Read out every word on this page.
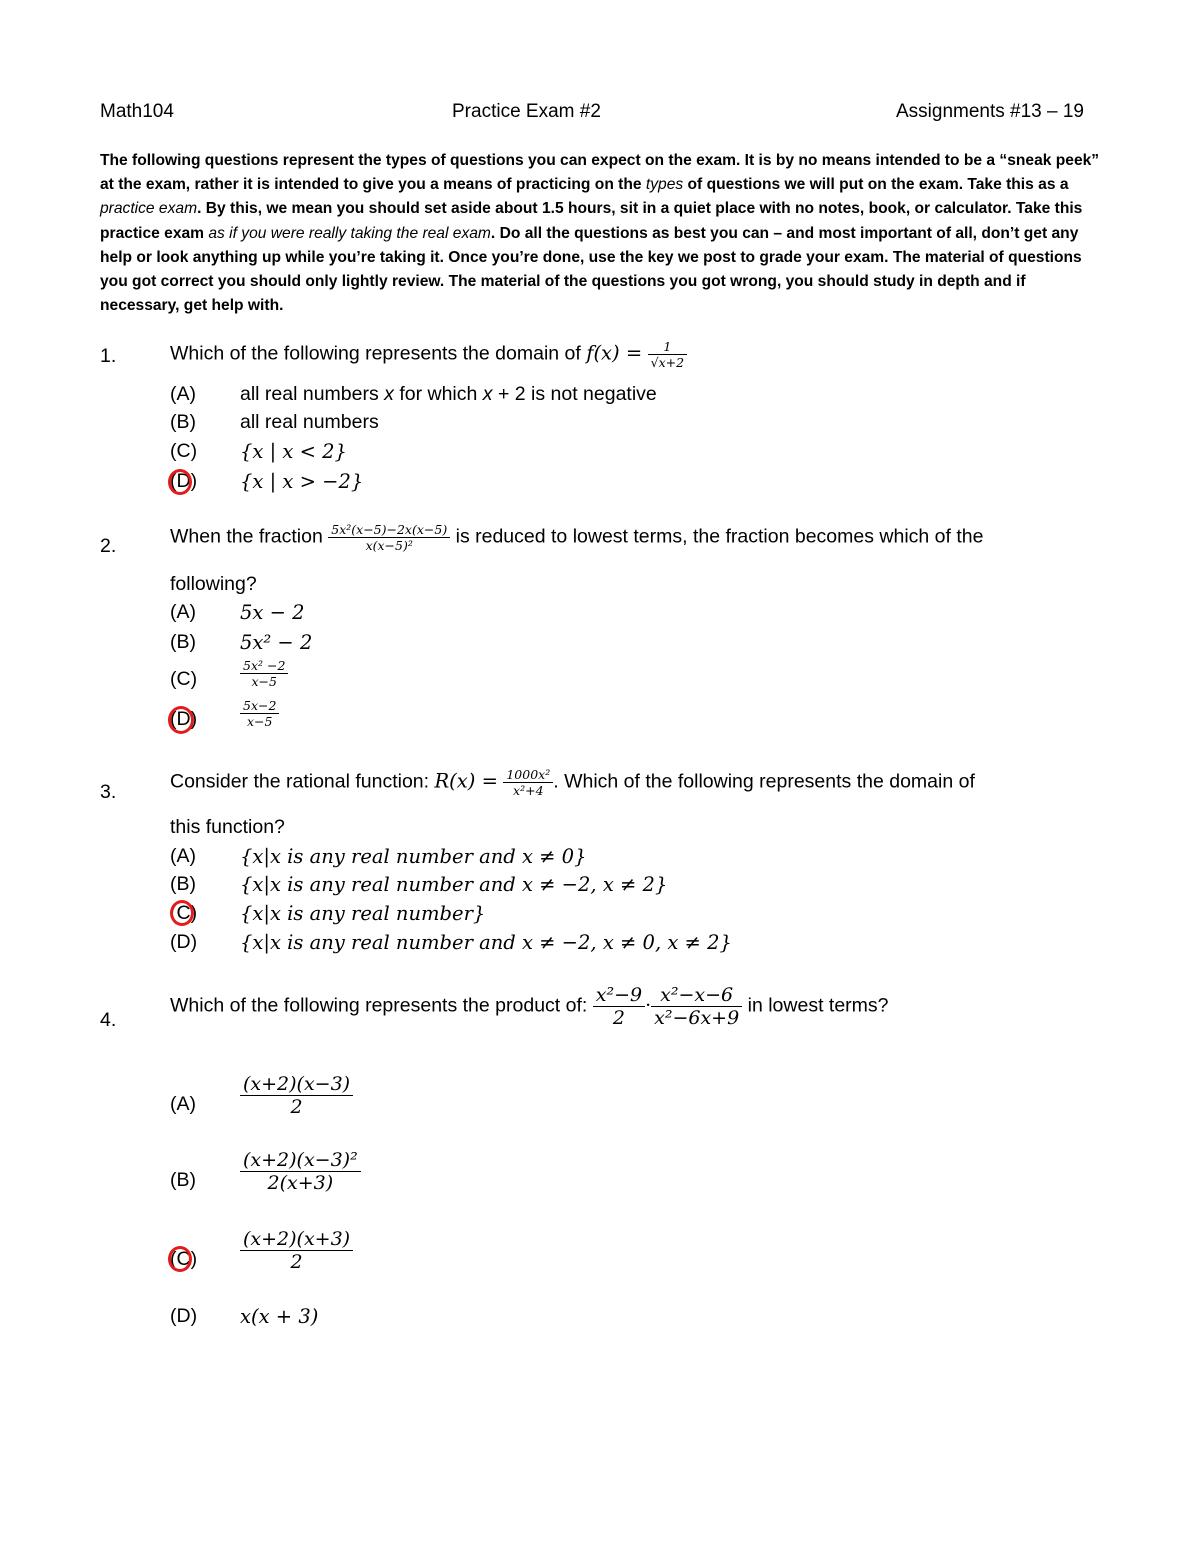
Math104	Practice Exam #2	Assignments #13 – 19
The following questions represent the types of questions you can expect on the exam. It is by no means intended to be a “sneak peek” at the exam, rather it is intended to give you a means of practicing on the types of questions we will put on the exam. Take this as a practice exam. By this, we mean you should set aside about 1.5 hours, sit in a quiet place with no notes, book, or calculator. Take this practice exam as if you were really taking the real exam. Do all the questions as best you can – and most important of all, don’t get any help or look anything up while you’re taking it. Once you’re done, use the key we post to grade your exam. The material of questions you got correct you should only lightly review. The material of the questions you got wrong, you should study in depth and if necessary, get help with.
1.	Which of the following represents the domain of $f(x) = \frac{1}{√x+2}$
(A)	all real numbers x for which x + 2 is not negative
(B)	all real numbers
(C)	{x | x < 2}
(D)	{x | x > −2}
2.	When the fraction $\frac{\text{5x²(x−5)−2x(x−5)}}{\text{x(x−5)²}}$ is reduced to lowest terms, the fraction becomes which of the
following?
(A)	5x − 2
(B)	5x² − 2
(C)	$\frac{\text{5x² −2}}{x-5}$
(D)	$\frac{5x-2}{x-5}$
3.	Consider the rational function: $R(x) = \frac{\text{1000x²}}{\text{x²+4}}$ . Which of the following represents the domain of
this function?
(A)	{x|x is any real number and x ≠ 0}
(B)	{x|x is any real number and x ≠ −2, x ≠ 2}
(C)	{x|x is any real number}
(D)	{x|x is any real number and x ≠ −2, x ≠ 0, x ≠ 2}
4.
Which of the following represents the product of: $\frac{\text{x²−9}}{2} \cdot \frac{\text{x²−x−6}}{\text{x²−6x+9}}$ in lowest terms?
(A)	$\frac{(x+2)(x-3)}{2}$
(B)	$\frac{\text{(x+2)(x−3)²}}{2(x+3)}$
(C)	$\frac{(x+2)(x+3)}{2}$
(D)	x(x + 3)
